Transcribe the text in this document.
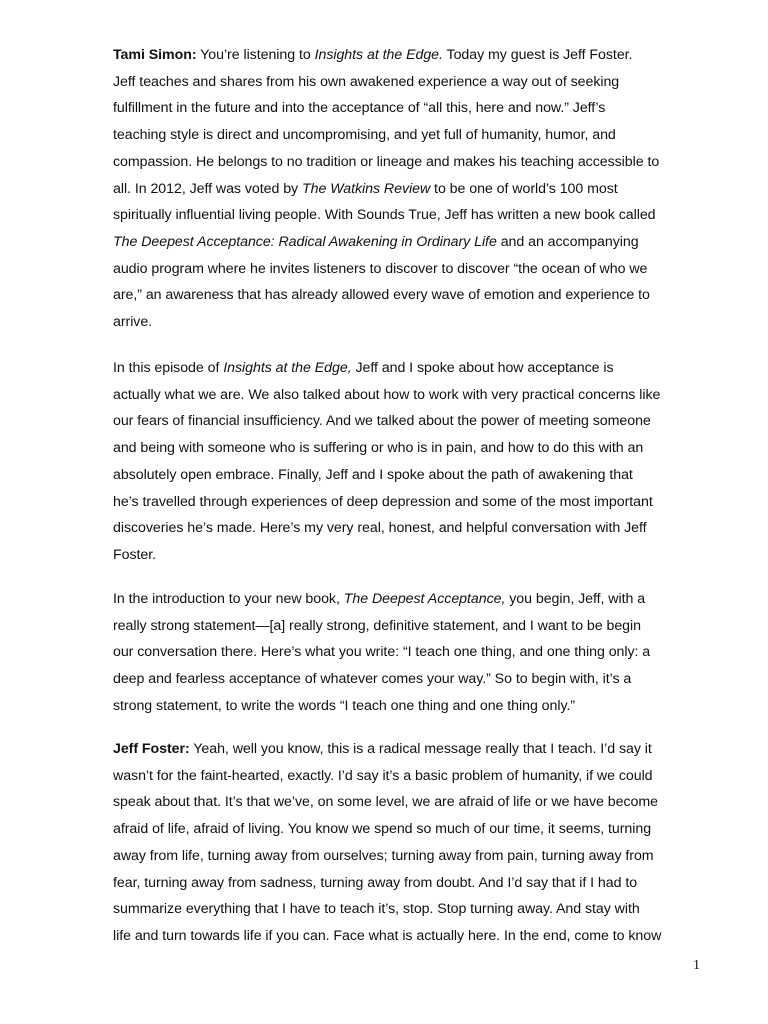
Tami Simon: You’re listening to Insights at the Edge. Today my guest is Jeff Foster.
Jeff teaches and shares from his own awakened experience a way out of seeking
fulfillment in the future and into the acceptance of “all this, here and now.” Jeff’s
teaching style is direct and uncompromising, and yet full of humanity, humor, and
compassion. He belongs to no tradition or lineage and makes his teaching accessible to
all. In 2012, Jeff was voted by The Watkins Review to be one of world’s 100 most
spiritually influential living people. With Sounds True, Jeff has written a new book called
The Deepest Acceptance: Radical Awakening in Ordinary Life and an accompanying
audio program where he invites listeners to discover to discover “the ocean of who we
are,” an awareness that has already allowed every wave of emotion and experience to
arrive.

In this episode of Insights at the Edge, Jeff and I spoke about how acceptance is
actually what we are. We also talked about how to work with very practical concerns like
our fears of financial insufficiency. And we talked about the power of meeting someone
and being with someone who is suffering or who is in pain, and how to do this with an
absolutely open embrace. Finally, Jeff and I spoke about the path of awakening that
he’s travelled through experiences of deep depression and some of the most important
discoveries he’s made. Here’s my very real, honest, and helpful conversation with Jeff
Foster.

In the introduction to your new book, The Deepest Acceptance, you begin, Jeff, with a
really strong statement—[a] really strong, definitive statement, and I want to be begin
our conversation there. Here’s what you write: “I teach one thing, and one thing only: a
deep and fearless acceptance of whatever comes your way.” So to begin with, it’s a
strong statement, to write the words “I teach one thing and one thing only.”

Jeff Foster: Yeah, well you know, this is a radical message really that I teach. I’d say it
wasn’t for the faint-hearted, exactly. I’d say it’s a basic problem of humanity, if we could
speak about that. It’s that we’ve, on some level, we are afraid of life or we have become
afraid of life, afraid of living. You know we spend so much of our time, it seems, turning
away from life, turning away from ourselves; turning away from pain, turning away from
fear, turning away from sadness, turning away from doubt. And I’d say that if I had to
summarize everything that I have to teach it’s, stop. Stop turning away. And stay with
life and turn towards life if you can. Face what is actually here. In the end, come to know

1
